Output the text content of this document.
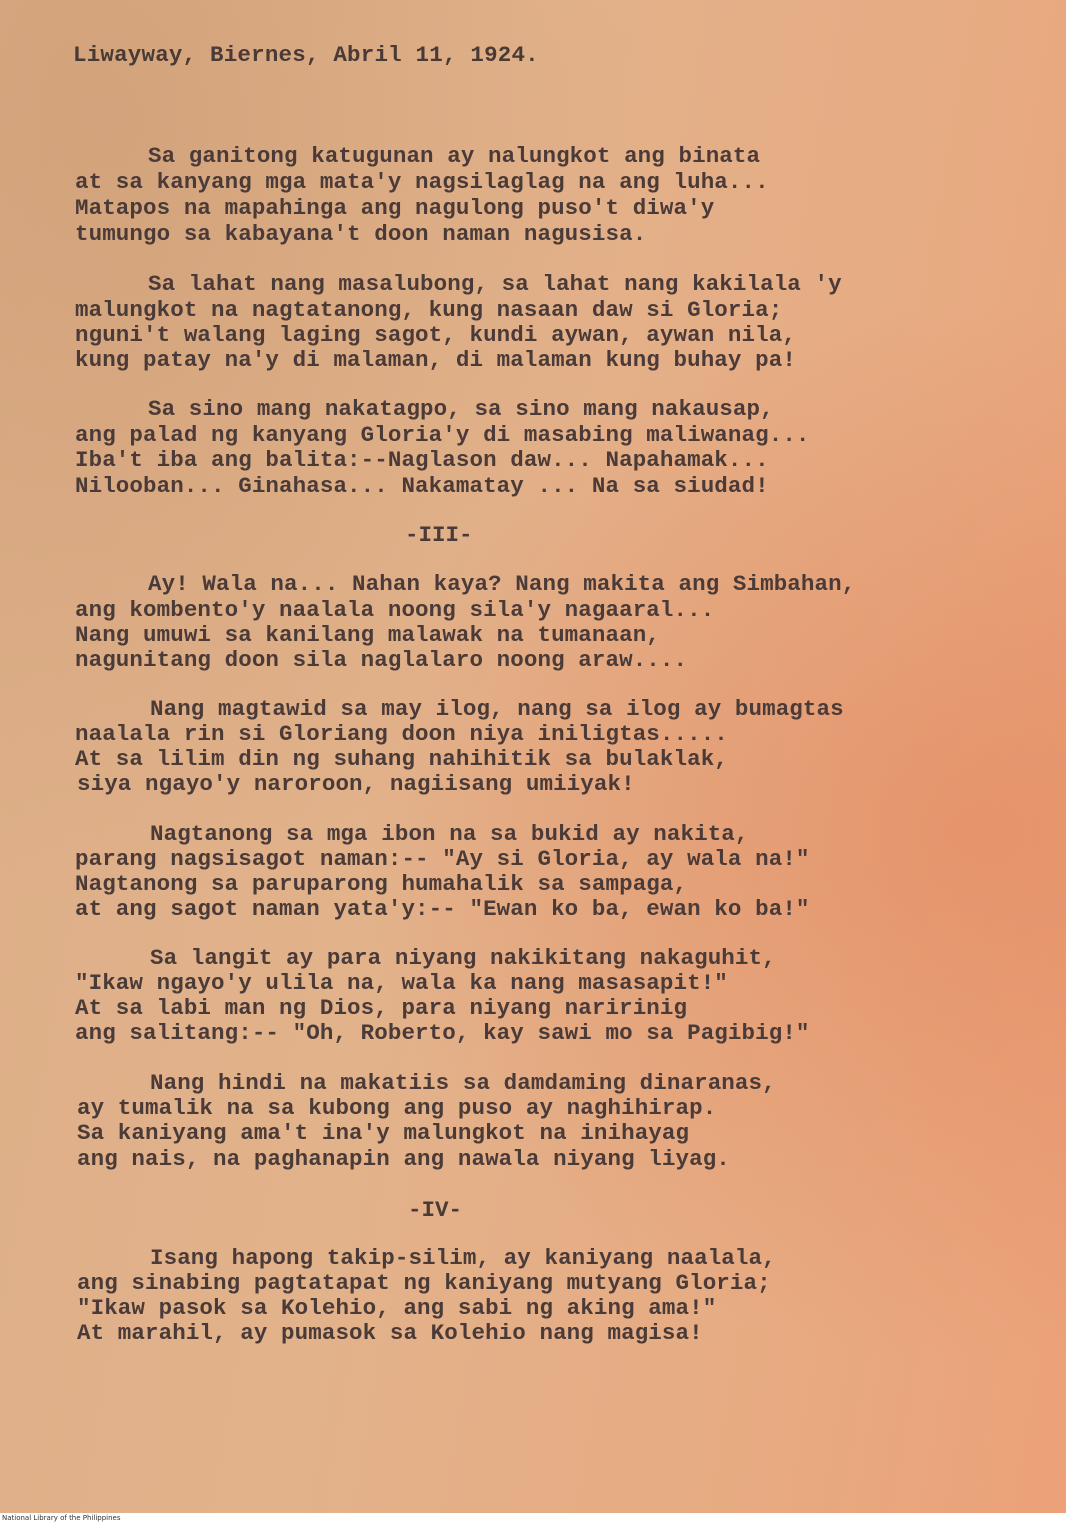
Liwayway, Biernes, Abril 11, 1924.
Sa ganitong katugunan ay nalungkot ang binata
at sa kanyang mga mata'y nagsilaglag na ang luha...
Matapos na mapahinga ang nagulong puso't diwa'y
tumungo sa kabayana't doon naman nagusisa.
Sa lahat nang masalubong, sa lahat nang kakilala 'y
malungkot na nagtatanong, kung nasaan daw si Gloria;
nguni't walang laging sagot, kundi aywan, aywan nila,
kung patay na'y di malaman, di malaman kung buhay pa!
Sa sino mang nakatagpo, sa sino mang nakausap,
ang palad ng kanyang Gloria'y di masabing maliwanag...
Iba't iba ang balita:--Naglason daw... Napahamak...
Nilooban... Ginahasa... Nakamatay ... Na sa siudad!
-III-
Ay! Wala na... Nahan kaya? Nang makita ang Simbahan,
ang kombento'y naalala noong sila'y nagaaral...
Nang umuwi sa kanilang malawak na tumanaan,
nagunitang doon sila naglalaro noong araw....
Nang magtawid sa may ilog, nang sa ilog ay bumagtas
naalala rin si Gloriang doon niya iniligtas.....
At sa lilim din ng suhang nahihitik sa bulaklak,
siya ngayo'y naroroon, nagiisang umiiyak!
Nagtanong sa mga ibon na sa bukid ay nakita,
parang nagsisagot naman:-- "Ay si Gloria, ay wala na!"
Nagtanong sa paruparong humahalik sa sampaga,
at ang sagot naman yata'y:-- "Ewan ko ba, ewan ko ba!"
Sa langit ay para niyang nakikitang nakaguhit,
"Ikaw ngayo'y ulila na, wala ka nang masasapit!"
At sa labi man ng Dios, para niyang naririnig
ang salitang:-- "Oh, Roberto, kay sawi mo sa Pagibig!"
Nang hindi na makatiis sa damdaming dinaranas,
ay tumalik na sa kubong ang puso ay naghihirap.
Sa kaniyang ama't ina'y malungkot na inihayag
ang nais, na paghanapin ang nawala niyang liyag.
-IV-
Isang hapong takip-silim, ay kaniyang naalala,
ang sinabing pagtatapat ng kaniyang mutyang Gloria;
"Ikaw pasok sa Kolehio, ang sabi ng aking ama!"
At marahil, ay pumasok sa Kolehio nang magisa!
National Library of the Philippines
